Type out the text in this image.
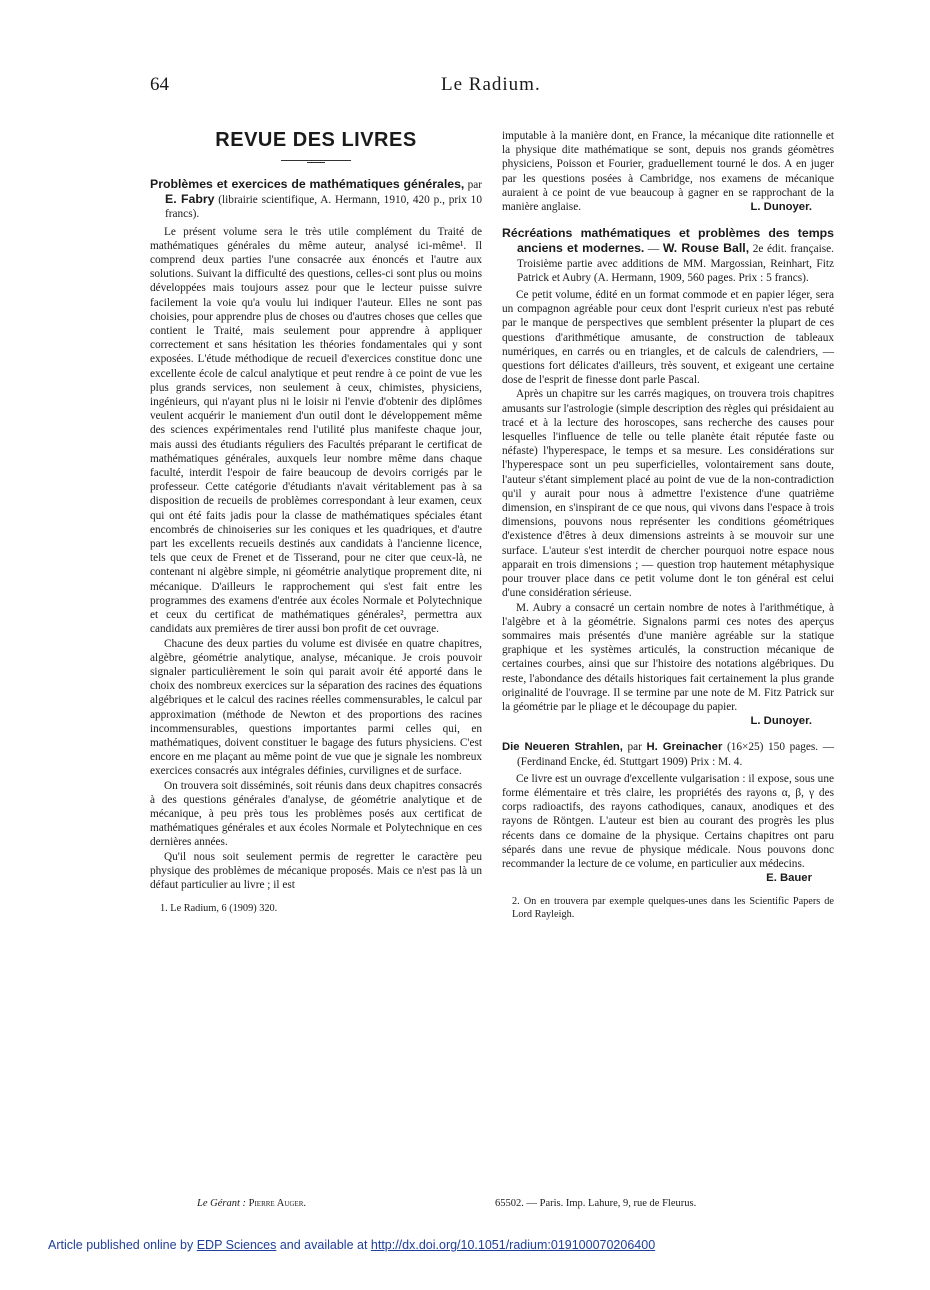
64	Le Radium.
REVUE DES LIVRES
Problèmes et exercices de mathématiques générales, par E. Fabry (librairie scientifique, A. Hermann, 1910, 420 p., prix 10 francs).

Le présent volume sera le très utile complément du Traité de mathématiques générales du même auteur, analysé ici-même¹. Il comprend deux parties l'une consacrée aux énoncés et l'autre aux solutions. Suivant la difficulté des questions, celles-ci sont plus ou moins développées mais toujours assez pour que le lecteur puisse suivre facilement la voie qu'a voulu lui indiquer l'auteur. Elles ne sont pas choisies, pour apprendre plus de choses ou d'autres choses que celles que contient le Traité, mais seulement pour apprendre à appliquer correctement et sans hésitation les théories fondamentales qui y sont exposées. L'étude méthodique de recueil d'exercices constitue donc une excellente école de calcul analytique et peut rendre à ce point de vue les plus grands services, non seulement à ceux, chimistes, physiciens, ingénieurs, qui n'ayant plus ni le loisir ni l'envie d'obtenir des diplômes veulent acquérir le maniement d'un outil dont le développement même des sciences expérimentales rend l'utilité plus manifeste chaque jour, mais aussi des étudiants réguliers des Facultés préparant le certificat de mathématiques générales, auxquels leur nombre même dans chaque faculté, interdit l'espoir de faire beaucoup de devoirs corrigés par le professeur. Cette catégorie d'étudiants n'avait véritablement pas à sa disposition de recueils de problèmes correspondant à leur examen, ceux qui ont été faits jadis pour la classe de mathématiques spéciales étant encombrés de chinoiseries sur les coniques et les quadriques, et d'autre part les excellents recueils destinés aux candidats à l'ancienne licence, tels que ceux de Frenet et de Tisserand, pour ne citer que ceux-là, ne contenant ni algèbre simple, ni géométrie analytique proprement dite, ni mécanique. D'ailleurs le rapprochement qui s'est fait entre les programmes des examens d'entrée aux écoles Normale et Polytechnique et ceux du certificat de mathématiques générales², permettra aux candidats aux premières de tirer aussi bon profit de cet ouvrage.

Chacune des deux parties du volume est divisée en quatre chapitres, algèbre, géométrie analytique, analyse, mécanique. Je crois pouvoir signaler particulièrement le soin qui parait avoir été apporté dans le choix des nombreux exercices sur la séparation des racines des équations algébriques et le calcul des racines réelles commensurables, le calcul par approximation (méthode de Newton et des proportions des racines incommensurables, questions importantes parmi celles qui, en mathématiques, doivent constituer le bagage des futurs physiciens. C'est encore en me plaçant au même point de vue que je signale les nombreux exercices consacrés aux intégrales définies, curvilignes et de surface.

On trouvera soit disséminés, soit réunis dans deux chapitres consacrés à des questions générales d'analyse, de géométrie analytique et de mécanique, à peu près tous les problèmes posés aux certificat de mathématiques générales et aux écoles Normale et Polytechnique en ces dernières années.

Qu'il nous soit seulement permis de regretter le caractère peu physique des problèmes de mécanique proposés. Mais ce n'est pas là un défaut particulier au livre ; il est

1. Le Radium, 6 (1909) 320.

imputable à la manière dont, en France, la mécanique dite rationnelle et la physique dite mathématique se sont, depuis nos grands géomètres physiciens, Poisson et Fourier, graduellement tourné le dos. A en juger par les questions posées à Cambridge, nos examens de mécanique auraient à ce point de vue beaucoup à gagner en se rapprochant de la manière anglaise.	L. Dunoyer.

Récréations mathématiques et problèmes des temps anciens et modernes. — W. Rouse Ball, 2e édit. française. Troisième partie avec additions de MM. Margossian, Reinhart, Fitz Patrick et Aubry (A. Hermann, 1909, 560 pages. Prix : 5 francs).

Ce petit volume, édité en un format commode et en papier léger, sera un compagnon agréable pour ceux dont l'esprit curieux n'est pas rebuté par le manque de perspectives que semblent présenter la plupart de ces questions d'arithmétique amusante, de construction de tableaux numériques, en carrés ou en triangles, et de calculs de calendriers, — questions fort délicates d'ailleurs, très souvent, et exigeant une certaine dose de l'esprit de finesse dont parle Pascal.

Après un chapitre sur les carrés magiques, on trouvera trois chapitres amusants sur l'astrologie (simple description des règles qui présidaient au tracé et à la lecture des horoscopes, sans recherche des causes pour lesquelles l'influence de telle ou telle planète était réputée faste ou néfaste) l'hyperespace, le temps et sa mesure. Les considérations sur l'hyperespace sont un peu superficielles, volontairement sans doute, l'auteur s'étant simplement placé au point de vue de la non-contradiction qu'il y aurait pour nous à admettre l'existence d'une quatrième dimension, en s'inspirant de ce que nous, qui vivons dans l'espace à trois dimensions, pouvons nous représenter les conditions géométriques d'existence d'êtres à deux dimensions astreints à se mouvoir sur une surface. L'auteur s'est interdit de chercher pourquoi notre espace nous apparait en trois dimensions ; — question trop hautement métaphysique pour trouver place dans ce petit volume dont le ton général est celui d'une considération sérieuse.

M. Aubry a consacré un certain nombre de notes à l'arithmétique, à l'algèbre et à la géométrie. Signalons parmi ces notes des aperçus sommaires mais présentés d'une manière agréable sur la statique graphique et les systèmes articulés, la construction mécanique de certaines courbes, ainsi que sur l'histoire des notations algébriques. Du reste, l'abondance des détails historiques fait certainement la plus grande originalité de l'ouvrage. Il se termine par une note de M. Fitz Patrick sur la géométrie par le pliage et le découpage du papier.
L. Dunoyer.

Die Neueren Strahlen, par H. Greinacher (16×25) 150 pages. — (Ferdinand Encke, éd. Stuttgart 1909) Prix : M. 4.

Ce livre est un ouvrage d'excellente vulgarisation : il expose, sous une forme élémentaire et très claire, les propriétés des rayons α, β, γ des corps radioactifs, des rayons cathodiques, canaux, anodiques et des rayons de Röntgen. L'auteur est bien au courant des progrès les plus récents dans ce domaine de la physique. Certains chapitres ont paru séparés dans une revue de physique médicale. Nous pouvons donc recommander la lecture de ce volume, en particulier aux médecins.
E. Bauer

2. On en trouvera par exemple quelques-unes dans les Scientific Papers de Lord Rayleigh.
Le Gérant : Pierre Auger.	65502. — Paris. Imp. Lahure, 9, rue de Fleurus.
Article published online by EDP Sciences and available at http://dx.doi.org/10.1051/radium:019100070206400
